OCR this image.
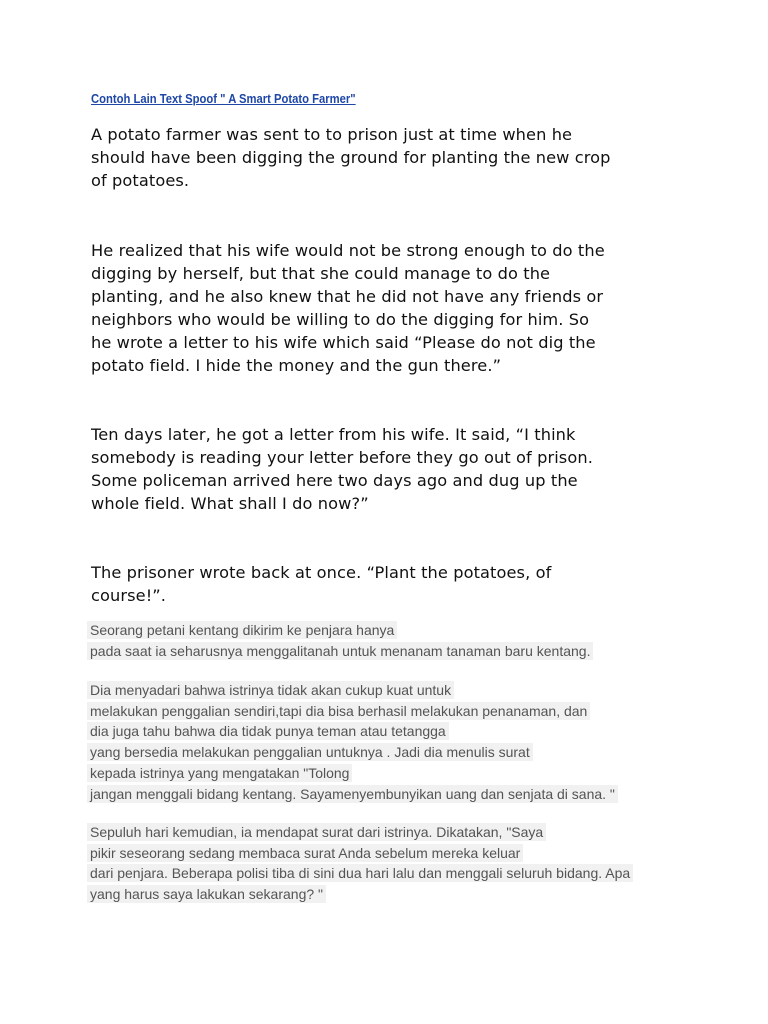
Contoh Lain Text Spoof " A Smart Potato Farmer"

A potato farmer was sent to to prison just at time when he
should have been digging the ground for planting the new crop
of potatoes.

He realized that his wife would not be strong enough to do the
digging by herself, but that she could manage to do the
planting, and he also knew that he did not have any friends or
neighbors who would be willing to do the digging for him. So
he wrote a letter to his wife which said “Please do not dig the
potato field. I hide the money and the gun there.”

Ten days later, he got a letter from his wife. It said, “I think
somebody is reading your letter before they go out of prison.
Some policeman arrived here two days ago and dug up the
whole field. What shall I do now?”

The prisoner wrote back at once. “Plant the potatoes, of
course!”.

Seorang petani kentang dikirim ke penjara hanya
pada saat ia seharusnya menggalitanah untuk menanam tanaman baru kentang.
Dia menyadari bahwa istrinya tidak akan cukup kuat untuk
melakukan penggalian sendiri,tapi dia bisa berhasil melakukan penanaman, dan
dia juga tahu bahwa dia tidak punya teman atau tetangga
yang bersedia melakukan penggalian untuknya . Jadi dia menulis surat
kepada istrinya yang mengatakan "Tolong
jangan menggali bidang kentang. Sayamenyembunyikan uang dan senjata di sana. "
Sepuluh hari kemudian, ia mendapat surat dari istrinya. Dikatakan, "Saya
pikir seseorang sedang membaca surat Anda sebelum mereka keluar
dari penjara. Beberapa polisi tiba di sini dua hari lalu dan menggali seluruh bidang. Apa
yang harus saya lakukan sekarang? "
